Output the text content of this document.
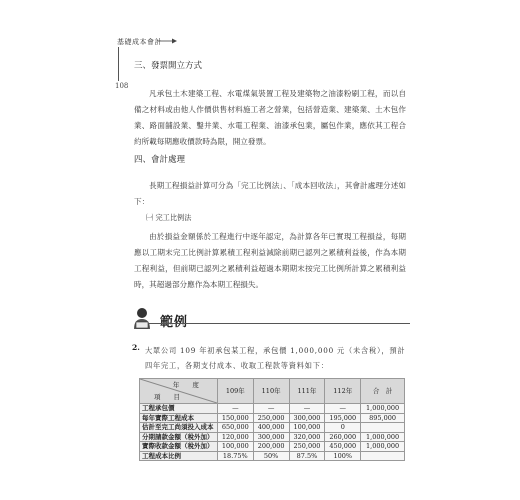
基礎成本會計
108
三、發票開立方式
凡承包土木建築工程、水電煤氣裝置工程及建築物之油漆粉刷工程，而以自備之材料或由他人作價供售材料施工者之營業，包括營造業、建築業、土木包作業、路面舖設業、鑿井業、水電工程業、油漆承包業，屬包作業，應依其工程合約所載每期應收價款時為限，開立發票。
四、會計處理
長期工程損益計算可分為「完工比例法」、「成本回收法」，其會計處理分述如下：
㈠ 完工比例法
由於損益金額係於工程進行中逐年認定，為計算各年已實現工程損益，每期應以工期末完工比例計算累積工程利益減除前期已認列之累積利益後，作為本期工程利益，但前期已認列之累積利益超過本期期末按完工比例所計算之累積利益時，其超過部分應作為本期工程損失。
範例
2. 大眾公司 109 年初承包某工程，承包價 1,000,000 元（未含稅），預計四年完工，各期支付成本、收取工程款等資料如下：
年　　度
項　　目	109年	110年	111年	112年	合　計
工程承包價	—	—	—	—	1,000,000
每年實際工程成本	150,000	250,000	300,000	195,000	895,000
估計至完工尚須投入成本	650,000	400,000	100,000	0	
分期請款金額（稅外加）	120,000	300,000	320,000	260,000	1,000,000
實際收款金額（稅外加）	100,000	200,000	250,000	450,000	1,000,000
工程成本比例	18.75%	50%	87.5%	100%	
